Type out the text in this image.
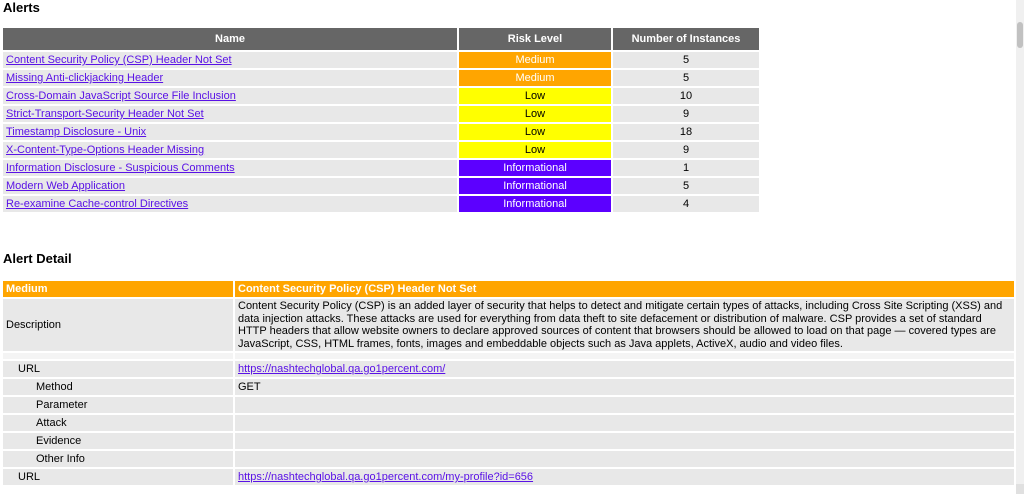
Alerts
Name	Risk Level	Number of Instances
Content Security Policy (CSP) Header Not Set	Medium	5
Missing Anti-clickjacking Header	Medium	5
Cross-Domain JavaScript Source File Inclusion	Low	10
Strict-Transport-Security Header Not Set	Low	9
Timestamp Disclosure - Unix	Low	18
X-Content-Type-Options Header Missing	Low	9
Information Disclosure - Suspicious Comments	Informational	1
Modern Web Application	Informational	5
Re-examine Cache-control Directives	Informational	4
Alert Detail
Medium	Content Security Policy (CSP) Header Not Set
Description	Content Security Policy (CSP) is an added layer of security that helps to detect and mitigate certain types of attacks, including Cross Site Scripting (XSS) and data injection attacks. These attacks are used for everything from data theft to site defacement or distribution of malware. CSP provides a set of standard HTTP headers that allow website owners to declare approved sources of content that browsers should be allowed to load on that page — covered types are JavaScript, CSS, HTML frames, fonts, images and embeddable objects such as Java applets, ActiveX, audio and video files.

URL	https://nashtechglobal.qa.go1percent.com/
Method	GET
Parameter	
Attack	
Evidence	
Other Info	
URL	https://nashtechglobal.qa.go1percent.com/my-profile?id=656
